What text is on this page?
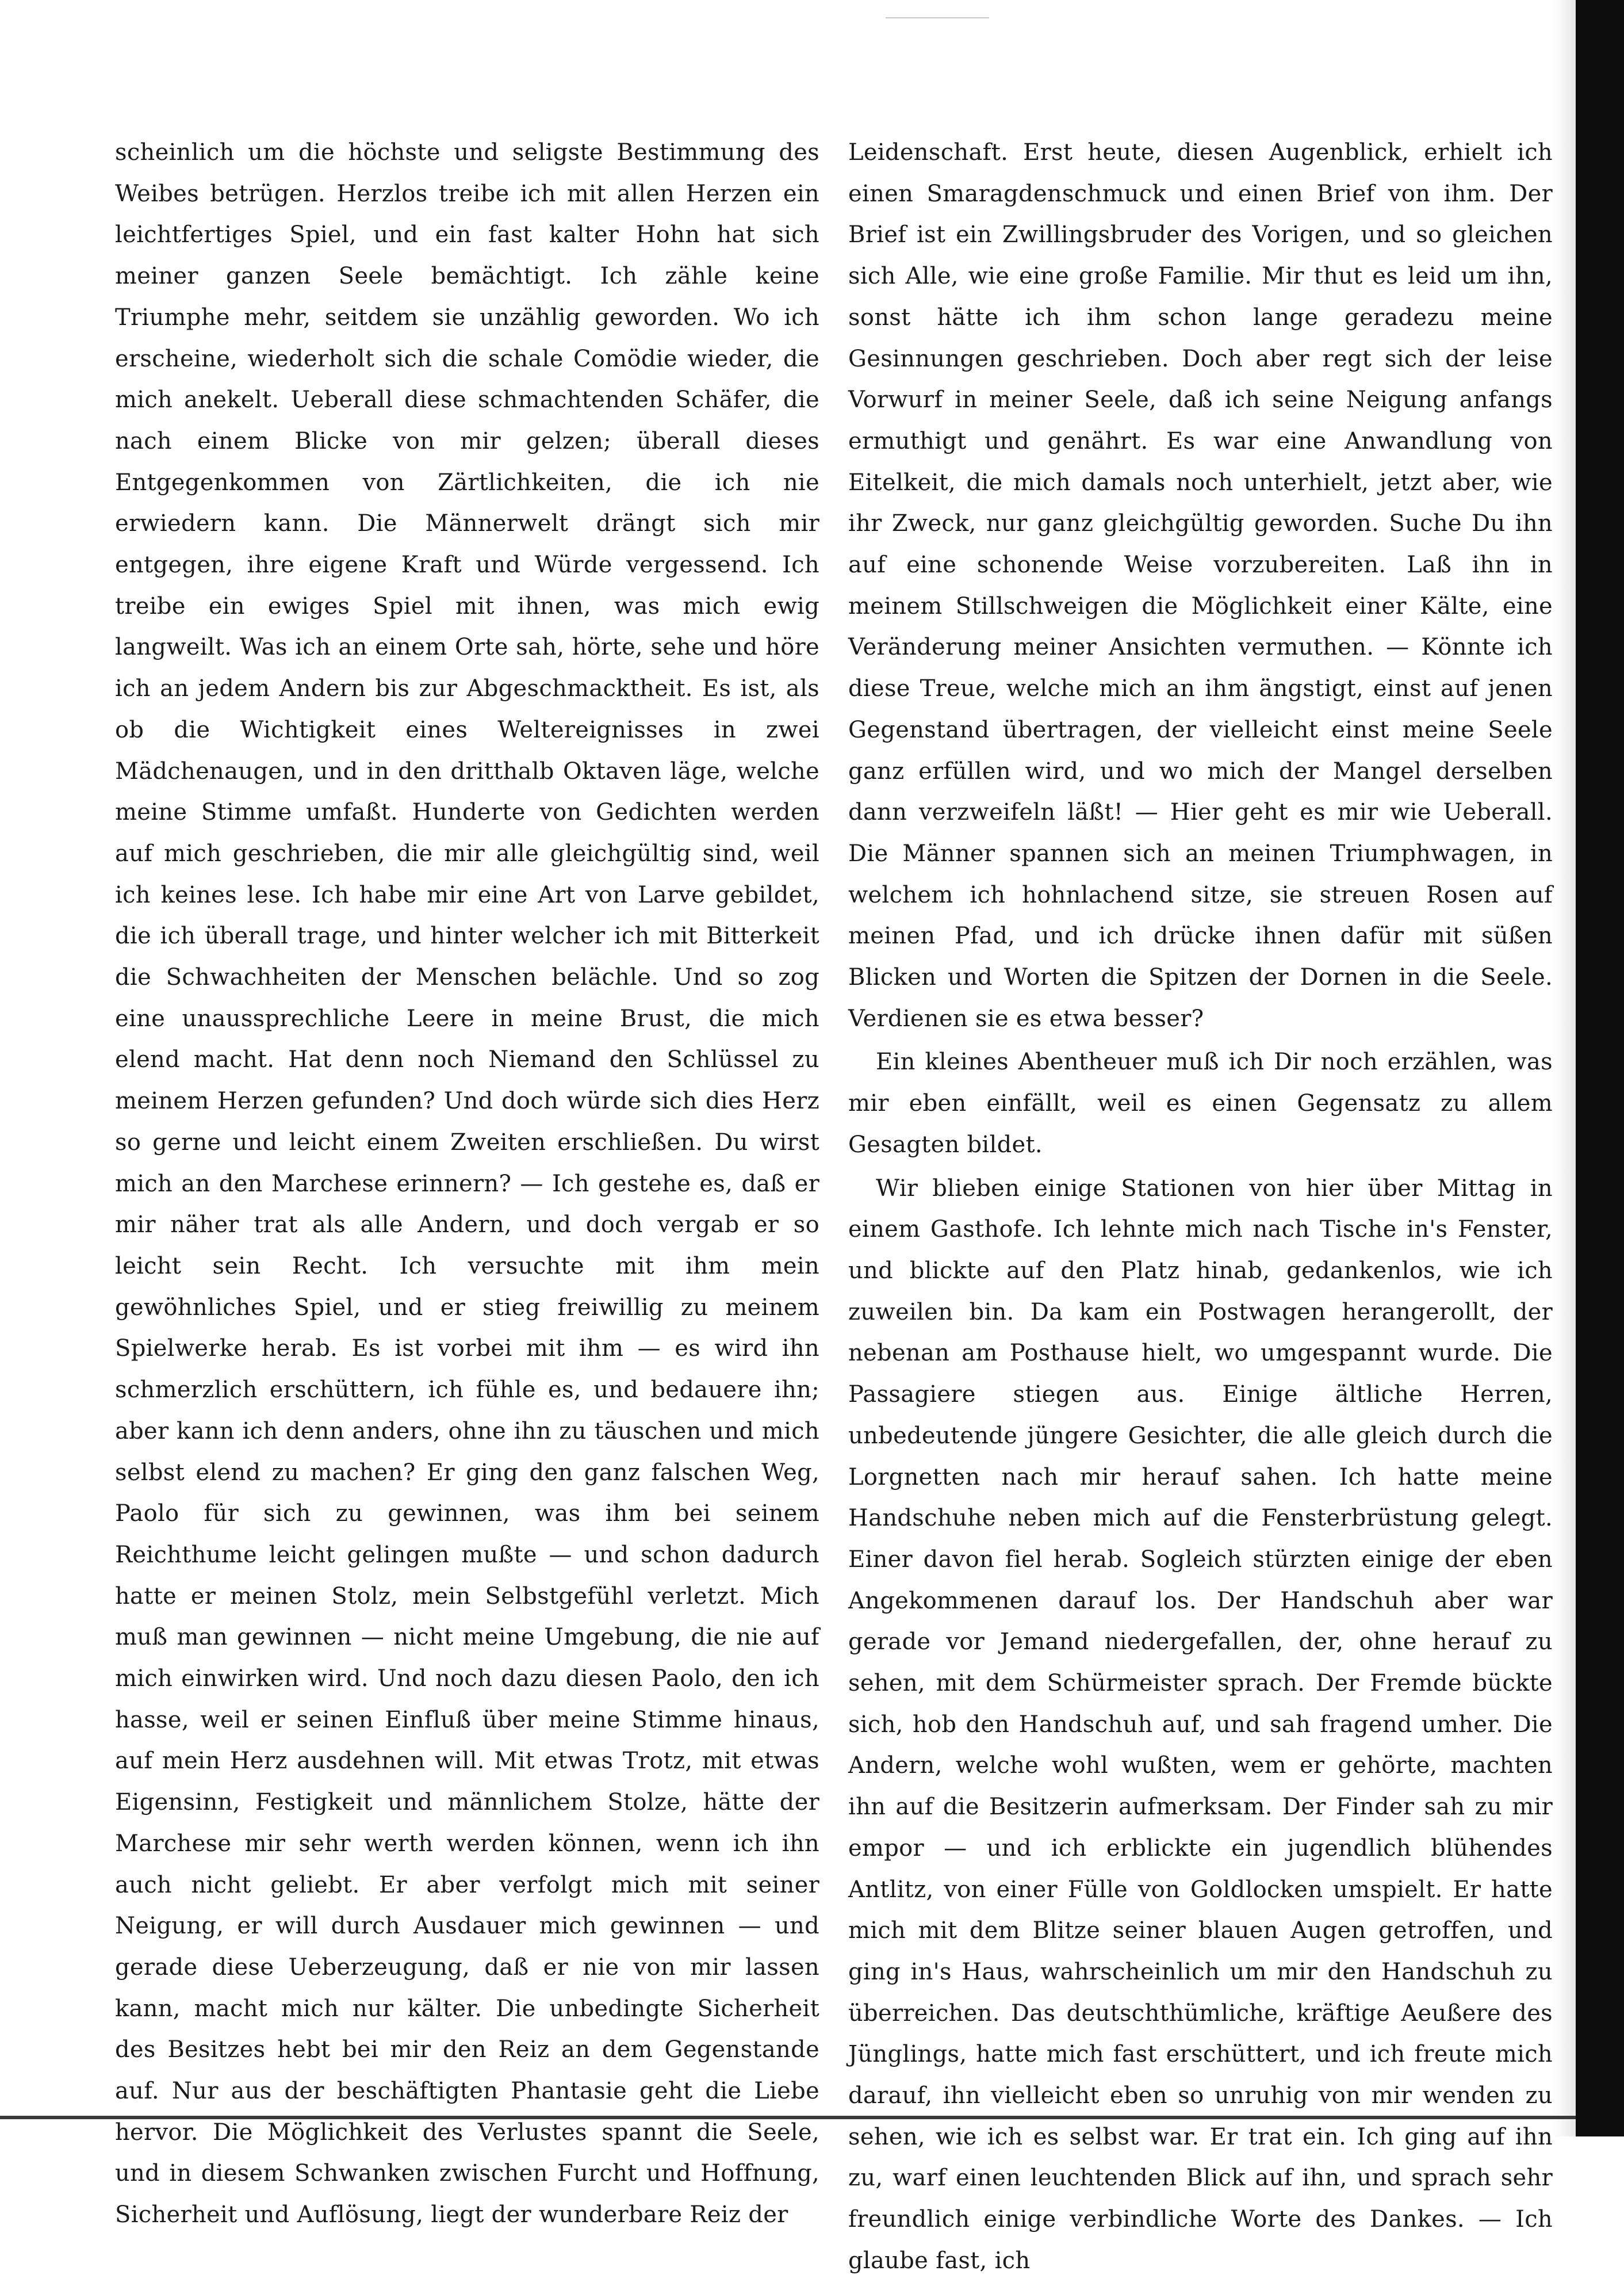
scheinlich um die höchste und seligste Bestimmung des Weibes betrügen. Herzlos treibe ich mit allen Herzen ein leichtfertiges Spiel, und ein fast kalter Hohn hat sich meiner ganzen Seele bemächtigt. Ich zähle keine Triumphe mehr, seitdem sie unzählig geworden. Wo ich erscheine, wiederholt sich die schale Comödie wieder, die mich anekelt. Ueberall diese schmachtenden Schäfer, die nach einem Blicke von mir gelzen; überall dieses Entgegenkommen von Zärtlichkeiten, die ich nie erwiedern kann. Die Männerwelt drängt sich mir entgegen, ihre eigene Kraft und Würde vergessend. Ich treibe ein ewiges Spiel mit ihnen, was mich ewig langweilt. Was ich an einem Orte sah, hörte, sehe und höre ich an jedem Andern bis zur Abgeschmacktheit. Es ist, als ob die Wichtigkeit eines Weltereignisses in zwei Mädchenaugen, und in den dritthalb Oktaven läge, welche meine Stimme umfaßt. Hunderte von Gedichten werden auf mich geschrieben, die mir alle gleichgültig sind, weil ich keines lese. Ich habe mir eine Art von Larve gebildet, die ich überall trage, und hinter welcher ich mit Bitterkeit die Schwachheiten der Menschen belächle. Und so zog eine unaussprechliche Leere in meine Brust, die mich elend macht. Hat denn noch Niemand den Schlüssel zu meinem Herzen gefunden? Und doch würde sich dies Herz so gerne und leicht einem Zweiten erschließen. Du wirst mich an den Marchese erinnern? — Ich gestehe es, daß er mir näher trat als alle Andern, und doch vergab er so leicht sein Recht. Ich versuchte mit ihm mein gewöhnliches Spiel, und er stieg freiwillig zu meinem Spielwerke herab. Es ist vorbei mit ihm — es wird ihn schmerzlich erschüttern, ich fühle es, und bedauere ihn; aber kann ich denn anders, ohne ihn zu täuschen und mich selbst elend zu machen? Er ging den ganz falschen Weg, Paolo für sich zu gewinnen, was ihm bei seinem Reichthume leicht gelingen mußte — und schon dadurch hatte er meinen Stolz, mein Selbstgefühl verletzt. Mich muß man gewinnen — nicht meine Umgebung, die nie auf mich einwirken wird. Und noch dazu diesen Paolo, den ich hasse, weil er seinen Einfluß über meine Stimme hinaus, auf mein Herz ausdehnen will. Mit etwas Trotz, mit etwas Eigensinn, Festigkeit und männlichem Stolze, hätte der Marchese mir sehr werth werden können, wenn ich ihn auch nicht geliebt. Er aber verfolgt mich mit seiner Neigung, er will durch Ausdauer mich gewinnen — und gerade diese Ueberzeugung, daß er nie von mir lassen kann, macht mich nur kälter. Die unbedingte Sicherheit des Besitzes hebt bei mir den Reiz an dem Gegenstande auf. Nur aus der beschäftigten Phantasie geht die Liebe hervor. Die Möglichkeit des Verlustes spannt die Seele, und in diesem Schwanken zwischen Furcht und Hoffnung, Sicherheit und Auflösung, liegt der wunderbare Reiz der

Leidenschaft. Erst heute, diesen Augenblick, erhielt ich einen Smaragdenschmuck und einen Brief von ihm. Der Brief ist ein Zwillingsbruder des Vorigen, und so gleichen sich Alle, wie eine große Familie. Mir thut es leid um ihn, sonst hätte ich ihm schon lange geradezu meine Gesinnungen geschrieben. Doch aber regt sich der leise Vorwurf in meiner Seele, daß ich seine Neigung anfangs ermuthigt und genährt. Es war eine Anwandlung von Eitelkeit, die mich damals noch unterhielt, jetzt aber, wie ihr Zweck, nur ganz gleichgültig geworden. Suche Du ihn auf eine schonende Weise vorzubereiten. Laß ihn in meinem Stillschweigen die Möglichkeit einer Kälte, eine Veränderung meiner Ansichten vermuthen. — Könnte ich diese Treue, welche mich an ihm ängstigt, einst auf jenen Gegenstand übertragen, der vielleicht einst meine Seele ganz erfüllen wird, und wo mich der Mangel derselben dann verzweifeln läßt! — Hier geht es mir wie Ueberall. Die Männer spannen sich an meinen Triumphwagen, in welchem ich hohnlachend sitze, sie streuen Rosen auf meinen Pfad, und ich drücke ihnen dafür mit süßen Blicken und Worten die Spitzen der Dornen in die Seele. Verdienen sie es etwa besser?

Ein kleines Abentheuer muß ich Dir noch erzählen, was mir eben einfällt, weil es einen Gegensatz zu allem Gesagten bildet.

Wir blieben einige Stationen von hier über Mittag in einem Gasthofe. Ich lehnte mich nach Tische in's Fenster, und blickte auf den Platz hinab, gedankenlos, wie ich zuweilen bin. Da kam ein Postwagen herangerollt, der nebenan am Posthause hielt, wo umgespannt wurde. Die Passagiere stiegen aus. Einige ältliche Herren, unbedeutende jüngere Gesichter, die alle gleich durch die Lorgnetten nach mir herauf sahen. Ich hatte meine Handschuhe neben mich auf die Fensterbrüstung gelegt. Einer davon fiel herab. Sogleich stürzten einige der eben Angekommenen darauf los. Der Handschuh aber war gerade vor Jemand niedergefallen, der, ohne herauf zu sehen, mit dem Schürmeister sprach. Der Fremde bückte sich, hob den Handschuh auf, und sah fragend umher. Die Andern, welche wohl wußten, wem er gehörte, machten ihn auf die Besitzerin aufmerksam. Der Finder sah zu mir empor — und ich erblickte ein jugendlich blühendes Antlitz, von einer Fülle von Goldlocken umspielt. Er hatte mich mit dem Blitze seiner blauen Augen getroffen, und ging in's Haus, wahrscheinlich um mir den Handschuh zu überreichen. Das deutschthümliche, kräftige Aeußere des Jünglings, hatte mich fast erschüttert, und ich freute mich darauf, ihn vielleicht eben so unruhig von mir wenden zu sehen, wie ich es selbst war. Er trat ein. Ich ging auf ihn zu, warf einen leuchtenden Blick auf ihn, und sprach sehr freundlich einige verbindliche Worte des Dankes. — Ich glaube fast, ich
